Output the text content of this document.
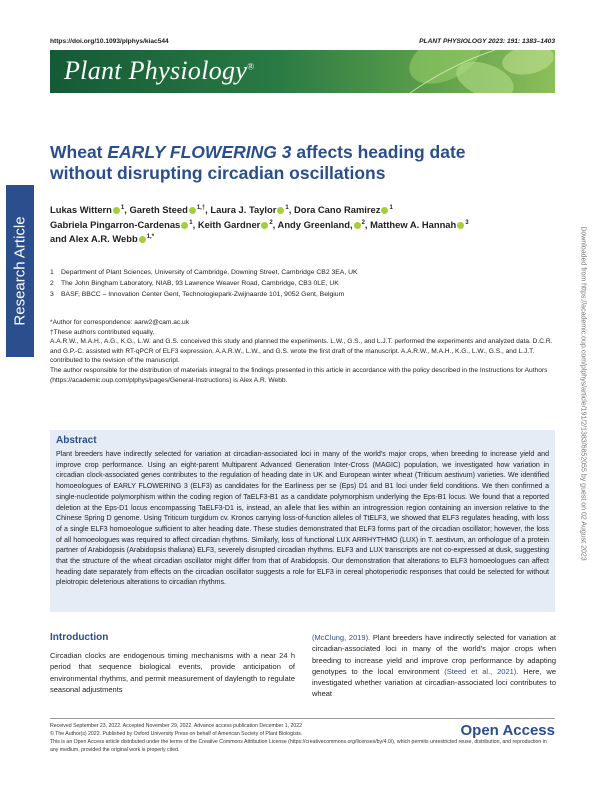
https://doi.org/10.1093/plphys/kiac544	PLANT PHYSIOLOGY 2023: 191: 1383–1403
Plant Physiology®
Research Article	Downloaded from https://academic.oup.com/plphys/article/191/2/1383/6852055 by guest on 02 August 2023
Wheat EARLY FLOWERING 3 affects heading date
without disrupting circadian oscillations
Lukas Wittern $^1$, Gareth Steed $^{1,\dagger}$, Laura J. Taylor $^1$, Dora Cano Ramirez $^1$
Gabriela Pingarron-Cardenas $^1$, Keith Gardner $^2$, Andy Greenland, $^2$, Matthew A. Hannah $^3$
and Alex A.R. Webb $^{1,*}$
1 Department of Plant Sciences, University of Cambridge, Downing Street, Cambridge CB2 3EA, UK
2 The John Bingham Laboratory, NIAB, 93 Lawrence Weaver Road, Cambridge, CB3 0LE, UK
3 BASF, BBCC – Innovation Center Gent, Technologiepark-Zwijnaarde 101, 9052 Gent, Belgium
*Author for correspondence: aarw2@cam.ac.uk
†These authors contributed equally.
A.A.R.W., M.A.H., A.G., K.G., L.W. and G.S. conceived this study and planned the experiments. L.W., G.S., and L.J.T. performed the experiments and analyzed data. D.C.R. and G.P.-C. assisted with RT-qPCR of ELF3 expression. A.A.R.W., L.W., and G.S. wrote the first draft of the manuscript. A.A.R.W., M.A.H., K.G., L.W., G.S., and L.J.T. contributed to the revision of the manuscript.
The author responsible for the distribution of materials integral to the findings presented in this article in accordance with the policy described in the Instructions for Authors (https://academic.oup.com/plphys/pages/General-Instructions) is Alex A.R. Webb.
Abstract

Plant breeders have indirectly selected for variation at circadian-associated loci in many of the world's major crops, when breeding to increase yield and improve crop performance. Using an eight-parent Multiparent Advanced Generation Inter-Cross (MAGIC) population, we investigated how variation in circadian clock-associated genes contributes to the regulation of heading date in UK and European winter wheat (Triticum aestivum) varieties. We identified homoeologues of EARLY FLOWERING 3 (ELF3) as candidates for the Earliness per se (Eps) D1 and B1 loci under field conditions. We then confirmed a single-nucleotide polymorphism within the coding region of TaELF3-B1 as a candidate polymorphism underlying the Eps-B1 locus. We found that a reported deletion at the Eps-D1 locus encompassing TaELF3-D1 is, instead, an allele that lies within an introgression region containing an inversion relative to the Chinese Spring D genome. Using Triticum turgidum cv. Kronos carrying loss-of-function alleles of TtELF3, we showed that ELF3 regulates heading, with loss of a single ELF3 homoeologue sufficient to alter heading date. These studies demonstrated that ELF3 forms part of the circadian oscillator; however, the loss of all homoeologues was required to affect circadian rhythms. Similarly, loss of functional LUX ARRHYTHMO (LUX) in T. aestivum, an orthologue of a protein partner of Arabidopsis (Arabidopsis thaliana) ELF3, severely disrupted circadian rhythms. ELF3 and LUX transcripts are not co-expressed at dusk, suggesting that the structure of the wheat circadian oscillator might differ from that of Arabidopsis. Our demonstration that alterations to ELF3 homoeologues can affect heading date separately from effects on the circadian oscillator suggests a role for ELF3 in cereal photoperiodic responses that could be selected for without pleiotropic deleterious alterations to circadian rhythms.

Introduction
Circadian clocks are endogenous timing mechanisms with a near 24 h period that sequence biological events, provide anticipation of environmental rhythms, and permit measurement of daylength to regulate seasonal adjustments
(McClung, 2019). Plant breeders have indirectly selected for variation at circadian-associated loci in many of the world's major crops when breeding to increase yield and improve crop performance by adapting genotypes to the local environment (Steed et al., 2021). Here, we investigated whether variation at circadian-associated loci contributes to wheat
Received September 23, 2022. Accepted November 29, 2022. Advance access publication December 1, 2022
© The Author(s) 2022. Published by Oxford University Press on behalf of American Society of Plant Biologists.
This is an Open Access article distributed under the terms of the Creative Commons Attribution License (https://creativecommons.org/licenses/by/4.0/), which permits unrestricted reuse, distribution, and reproduction in any medium, provided the original work is properly cited.
Open Access
